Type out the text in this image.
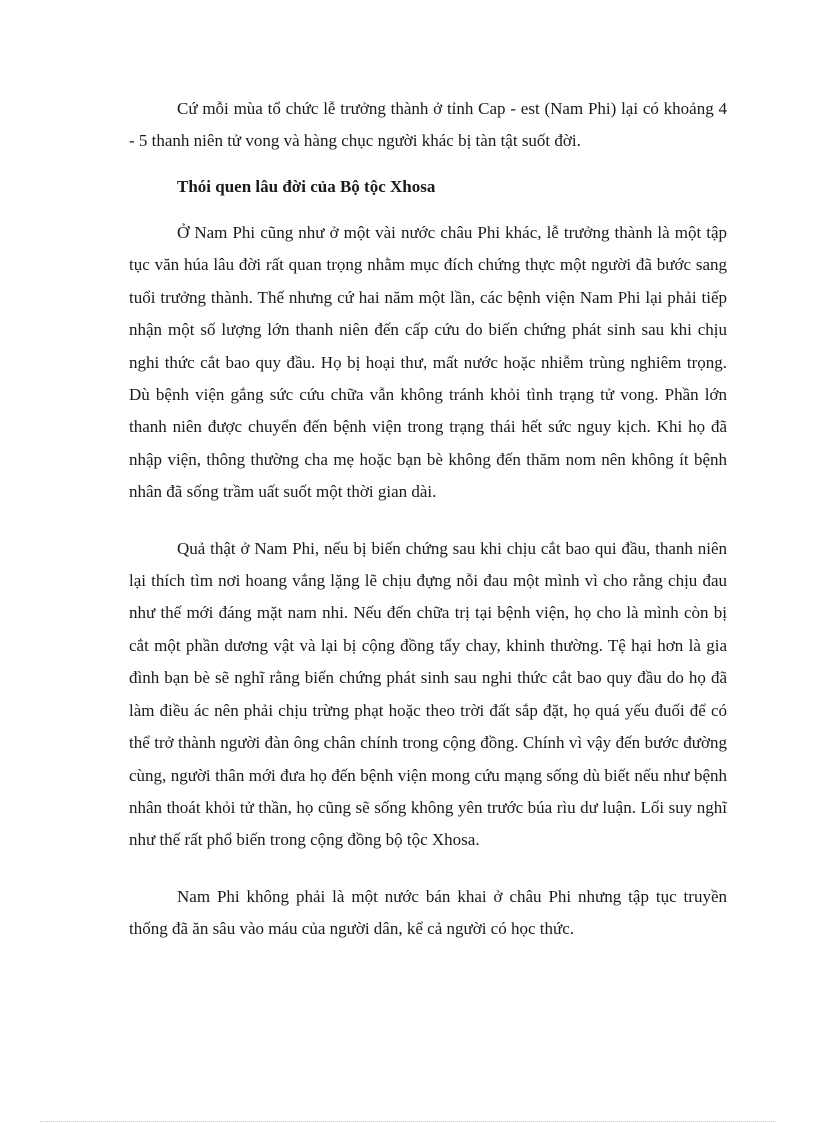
Cứ mỗi mùa tổ chức lễ trưởng thành ở tỉnh Cap - est (Nam Phi) lại có khoảng 4 - 5 thanh niên tử vong và hàng chục người khác bị tàn tật suốt đời.

Thói quen lâu đời của Bộ tộc Xhosa

Ở Nam Phi cũng như ở một vài nước châu Phi khác, lễ trưởng thành là một tập tục văn húa lâu đời rất quan trọng nhằm mục đích chứng thực một người đã bước sang tuổi trưởng thành. Thế nhưng cứ hai năm một lần, các bệnh viện Nam Phi lại phải tiếp nhận một số lượng lớn thanh niên đến cấp cứu do biến chứng phát sinh sau khi chịu nghi thức cắt bao quy đầu. Họ bị hoại thư, mất nước hoặc nhiễm trùng nghiêm trọng. Dù bệnh viện gắng sức cứu chữa vẫn không tránh khỏi tình trạng tử vong. Phần lớn thanh niên được chuyển đến bệnh viện trong trạng thái hết sức nguy kịch. Khi họ đã nhập viện, thông thường cha mẹ hoặc bạn bè không đến thăm nom nên không ít bệnh nhân đã sống trầm uất suốt một thời gian dài.

Quả thật ở Nam Phi, nếu bị biến chứng sau khi chịu cắt bao qui đầu, thanh niên lại thích tìm nơi hoang vắng lặng lẽ chịu đựng nỗi đau một mình vì cho rằng chịu đau như thế mới đáng mặt nam nhi. Nếu đến chữa trị tại bệnh viện, họ cho là mình còn bị cắt một phần dương vật và lại bị cộng đồng tẩy chay, khinh thường. Tệ hại hơn là gia đình bạn bè sẽ nghĩ rằng biến chứng phát sinh sau nghi thức cắt bao quy đầu do họ đã làm điều ác nên phải chịu trừng phạt hoặc theo trời đất sắp đặt, họ quá yếu đuối để có thể trở thành người đàn ông chân chính trong cộng đồng. Chính vì vậy đến bước đường cùng, người thân mới đưa họ đến bệnh viện mong cứu mạng sống dù biết nếu như bệnh nhân thoát khỏi tử thần, họ cũng sẽ sống không yên trước búa rìu dư luận. Lối suy nghĩ như thế rất phổ biến trong cộng đồng bộ tộc Xhosa.

Nam Phi không phải là một nước bán khai ở châu Phi nhưng tập tục truyền thống đã ăn sâu vào máu của người dân, kể cả người có học thức.
